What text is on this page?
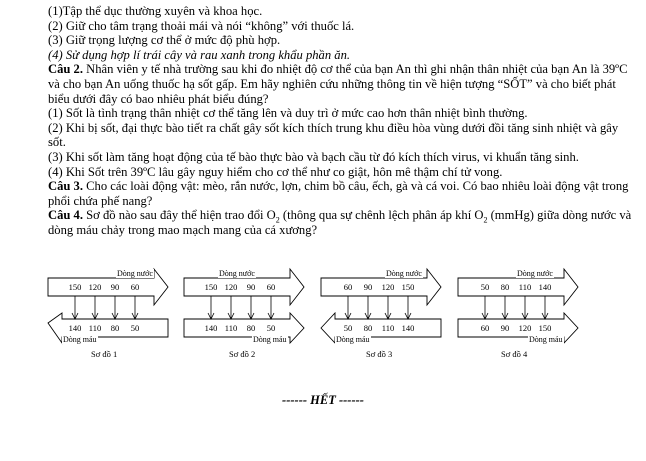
(1)Tập thể dục thường xuyên và khoa học.

(2) Giữ cho tâm trạng thoải mái và nói “không” với thuốc lá.

(3) Giữ trọng lượng cơ thể ở mức độ phù hợp.

(4) Sử dụng hợp lí trái cây và rau xanh trong khẩu phần ăn.

Câu 2. Nhân viên y tế nhà trường sau khi đo nhiệt độ cơ thể của bạn An thì ghi nhận thân nhiệt của bạn An là 39ºC và cho bạn An uống thuốc hạ sốt gấp. Em hãy nghiên cứu những thông tin về hiện tượng “SỐT” và cho biết phát biểu dưới đây có bao nhiêu phát biểu đúng?

(1) Sốt là tình trạng thân nhiệt cơ thể tăng lên và duy trì ở mức cao hơn thân nhiệt bình thường.

(2) Khi bị sốt, đại thực bào tiết ra chất gây sốt kích thích trung khu điều hòa vùng dưới đồi tăng sinh nhiệt và gây sốt.

(3) Khi sốt làm tăng hoạt động của tế bào thực bào và bạch cầu từ đó kích thích virus, vi khuẩn tăng sinh.

(4) Khi Sốt trên 39ºC lâu gây nguy hiểm cho cơ thể như co giật, hôn mê thậm chí tử vong.

Câu 3. Cho các loài động vật: mèo, rắn nước, lợn, chim bồ câu, ếch, gà và cá voi. Có bao nhiêu loài động vật trong phổi chứa phế nang?

Câu 4. Sơ đồ nào sau đây thể hiện trao đổi $O_2$ (thông qua sự chênh lệch phân áp khí $O_2$ (mmHg) giữa dòng nước và dòng máu chảy trong mao mạch mang của cá xương?

Dòng nước
150 120	90	60
140 110	80	50
Dòng máu
Sơ đồ 1
Dòng nước
150 120	90	60
140 110	80	50
Dòng máu
Sơ đồ 2
Dòng nước
60	90	120 150
50	80	110 140
Dòng máu
Sơ đồ 3
Dòng nước
50	80	110 140
60	90	120 150
Dòng máu
Sơ đồ 4
------ HẾT ------
